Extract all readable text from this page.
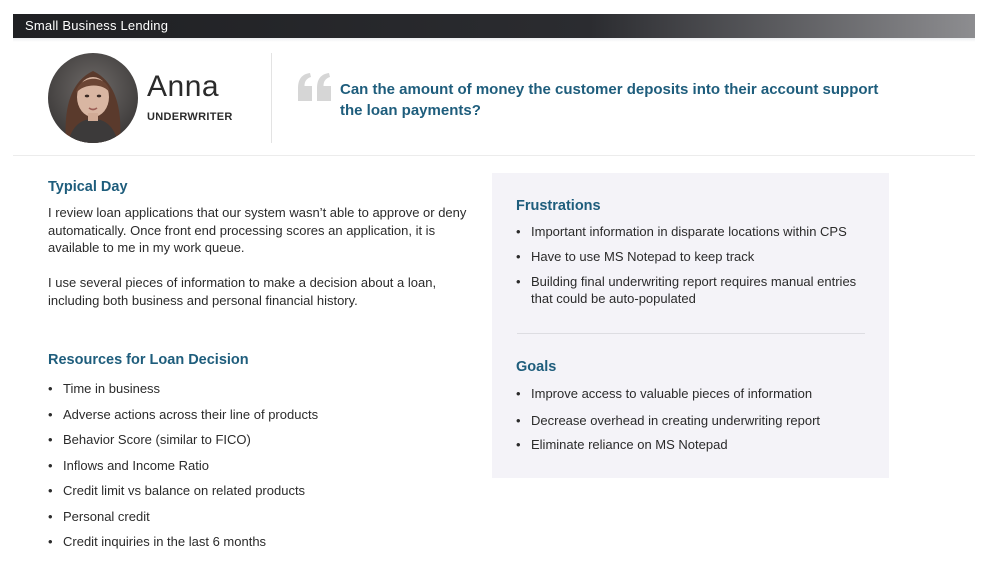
Small Business Lending
Anna
UNDERWRITER
Can the amount of money the customer deposits into their account support the loan payments?
Typical Day
I review loan applications that our system wasn’t able to approve or deny automatically. Once front end processing scores an application, it is available to me in my work queue.
I use several pieces of information to make a decision about a loan, including both business and personal financial history.
Resources for Loan Decision
• Time in business
• Adverse actions across their line of products
• Behavior Score (similar to FICO)
• Inflows and Income Ratio
• Credit limit vs balance on related products
• Personal credit
• Credit inquiries in the last 6 months
Frustrations
• Important information in disparate locations within CPS
• Have to use MS Notepad to keep track
• Building final underwriting report requires manual entries that could be auto-populated
Goals
• Improve access to valuable pieces of information
• Decrease overhead in creating underwriting report
• Eliminate reliance on MS Notepad
